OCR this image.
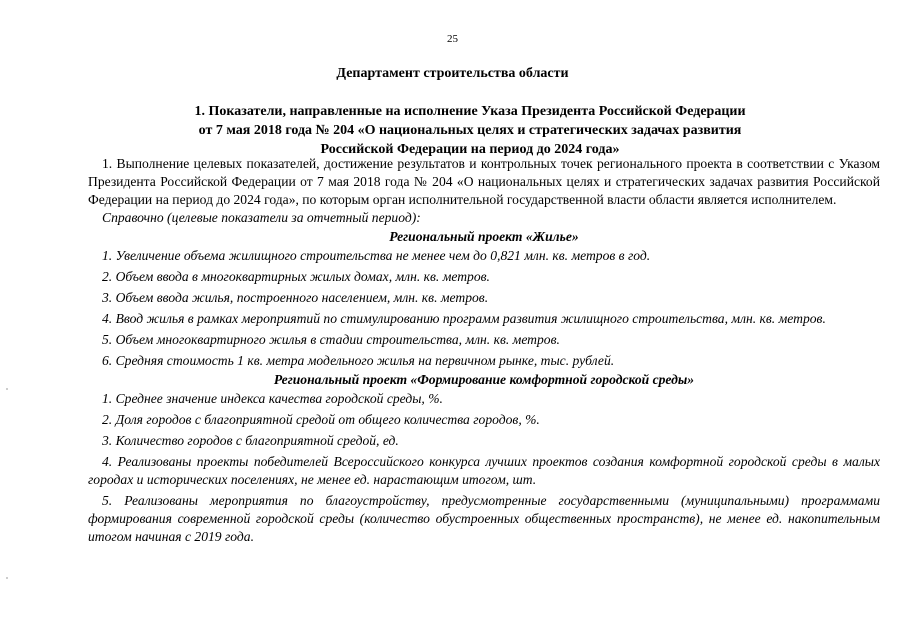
25
Департамент строительства области
1. Показатели, направленные на исполнение Указа Президента Российской Федерации
от 7 мая 2018 года № 204 «О национальных целях и стратегических задачах развития
Российской Федерации на период до 2024 года»

1. Выполнение целевых показателей, достижение результатов и контрольных точек регионального проекта в соответствии с Указом Президента Российской Федерации от 7 мая 2018 года № 204 «О национальных целях и стратегических задачах развития Российской Федерации на период до 2024 года», по которым орган исполнительной государственной власти области является исполнителем.

Справочно (целевые показатели за отчетный период):

Региональный проект «Жилье»

1. Увеличение объема жилищного строительства не менее чем до 0,821 млн. кв. метров в год.

2. Объем ввода в многоквартирных жилых домах, млн. кв. метров.

3. Объем ввода жилья, построенного населением, млн. кв. метров.

4. Ввод жилья в рамках мероприятий по стимулированию программ развития жилищного строительства, млн. кв. метров.

5. Объем многоквартирного жилья в стадии строительства, млн. кв. метров.

6. Средняя стоимость 1 кв. метра модельного жилья на первичном рынке, тыс. рублей.

Региональный проект «Формирование комфортной городской среды»

1. Среднее значение индекса качества городской среды, %.

2. Доля городов с благоприятной средой от общего количества городов, %.

3. Количество городов с благоприятной средой, ед.

4. Реализованы проекты победителей Всероссийского конкурса лучших проектов создания комфортной городской среды в малых городах и исторических поселениях, не менее ед. нарастающим итогом, шт.

5. Реализованы мероприятия по благоустройству, предусмотренные государственными (муниципальными) программами формирования современной городской среды (количество обустроенных общественных пространств), не менее ед. накопительным итогом начиная с 2019 года.
